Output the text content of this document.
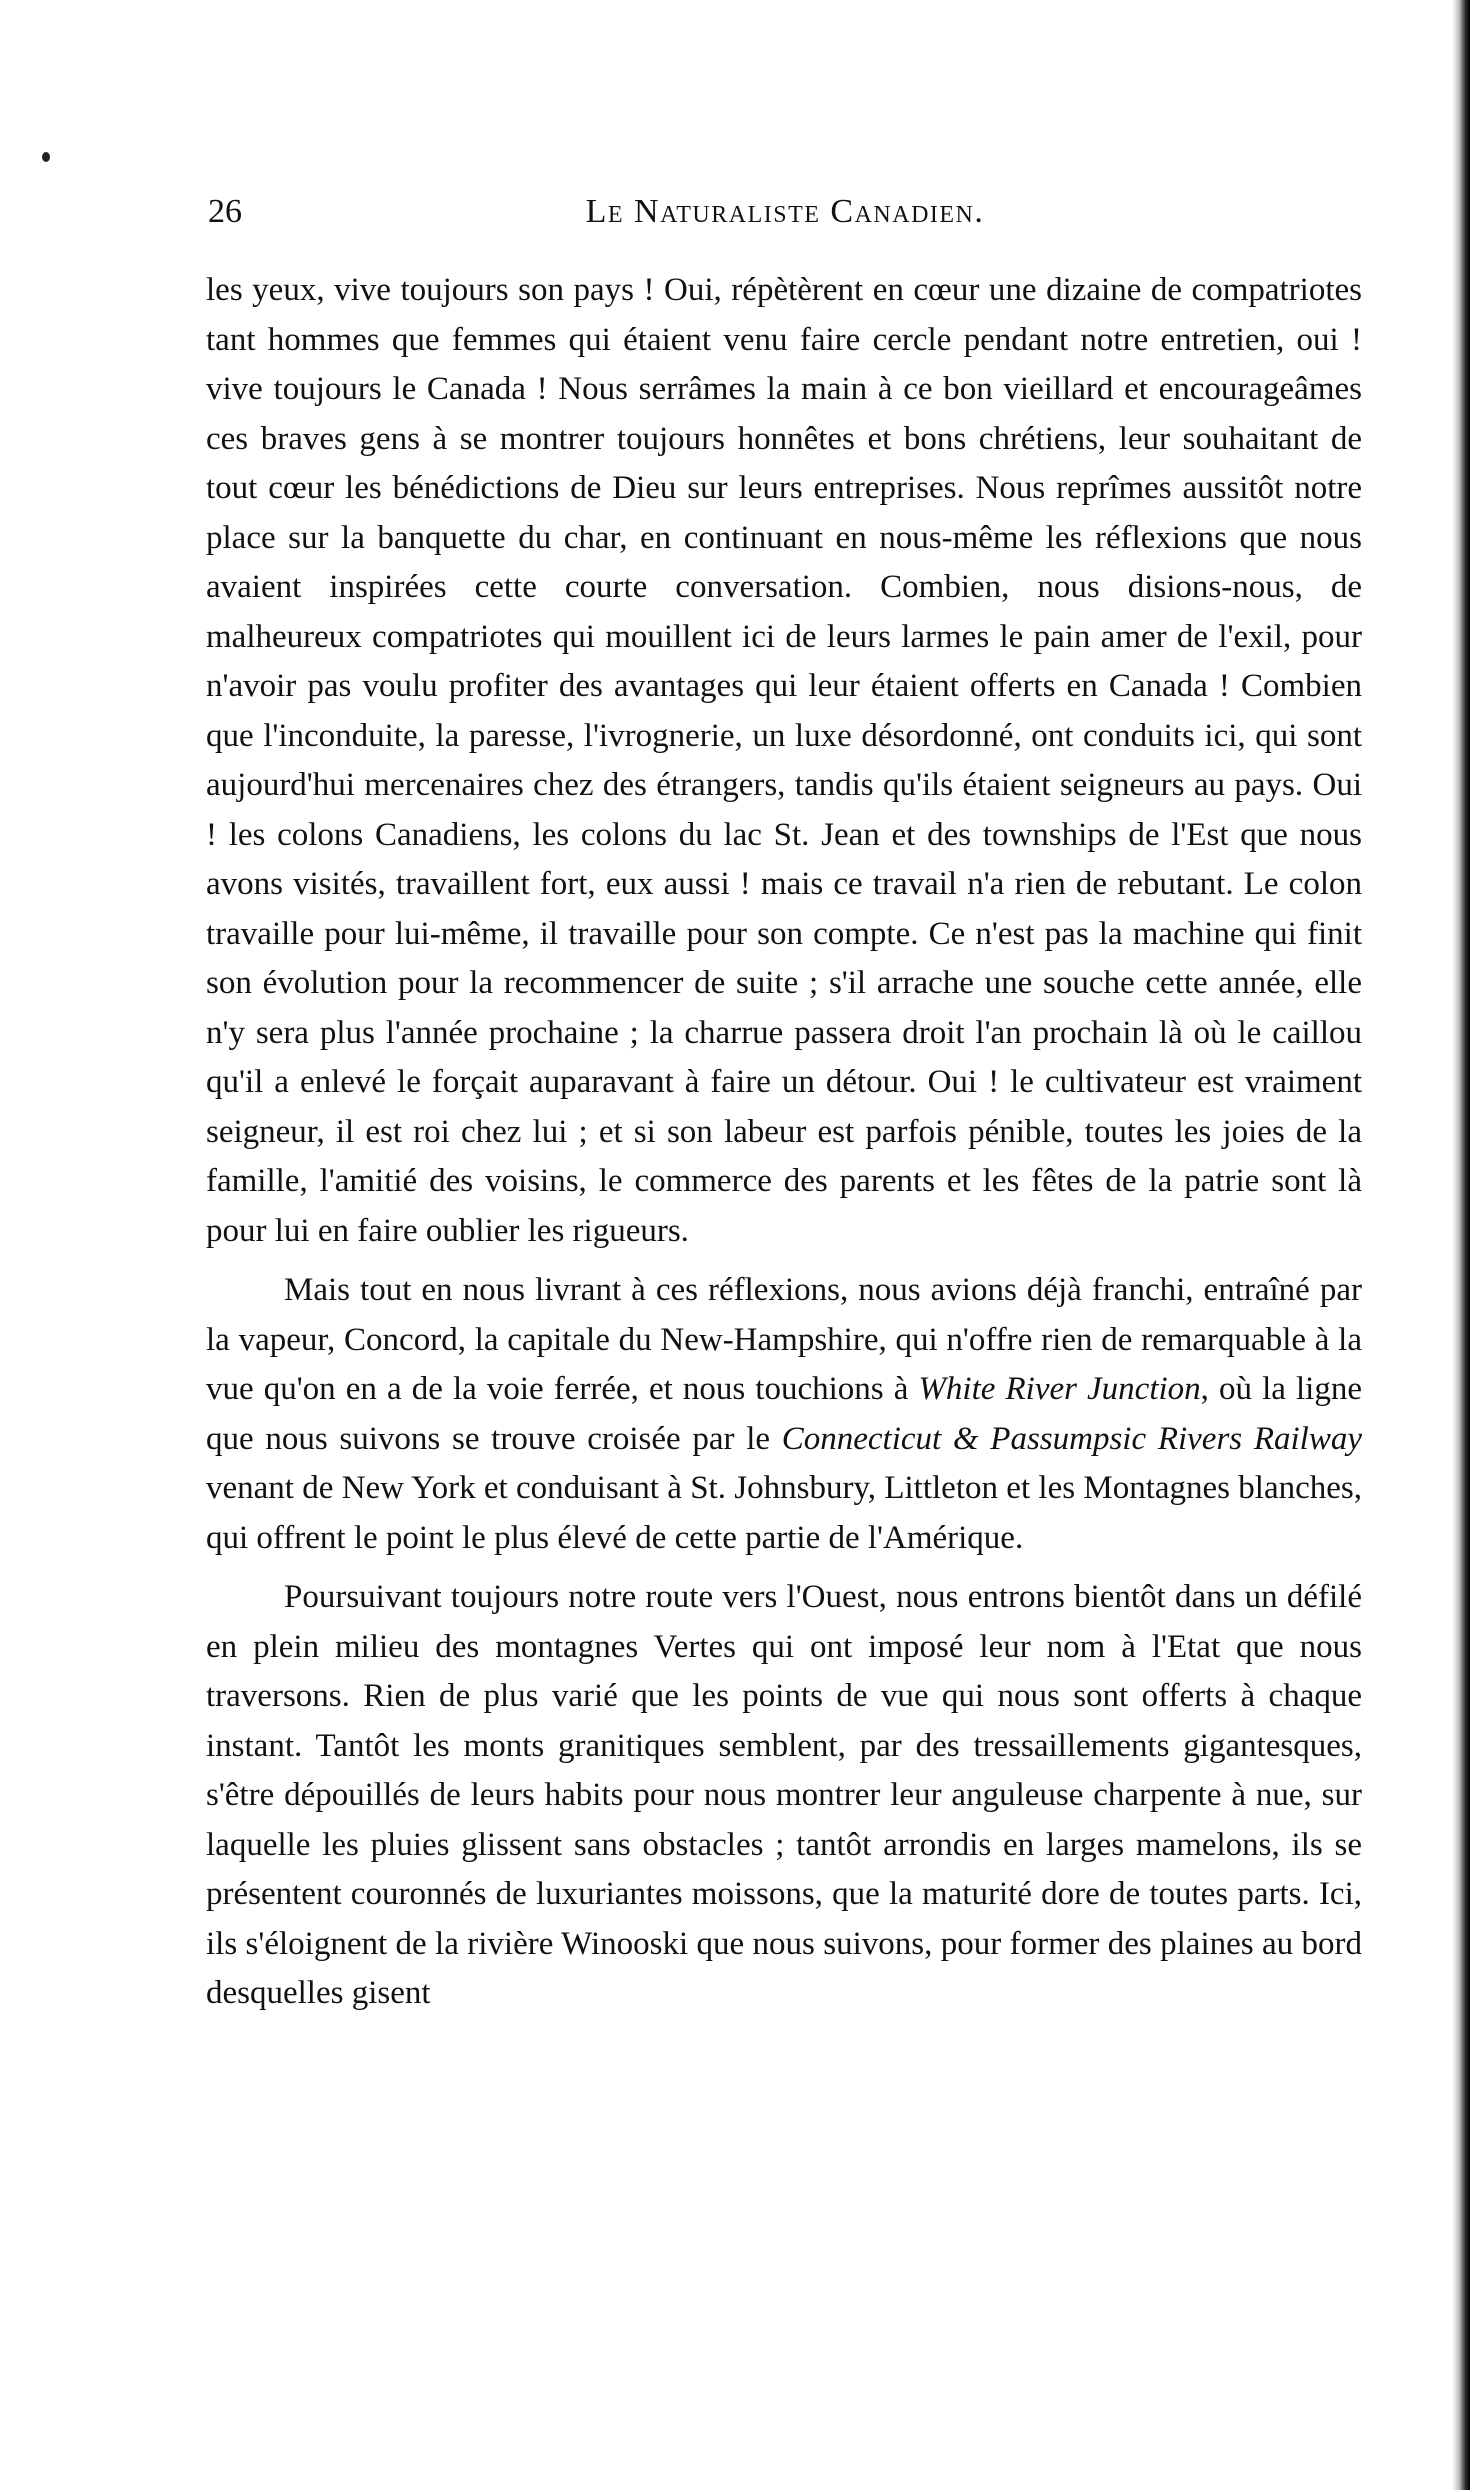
26	Le Naturaliste Canadien.

les yeux, vive toujours son pays ! Oui, répètèrent en cœur une dizaine de compatriotes tant hommes que femmes qui étaient venu faire cercle pendant notre entretien, oui ! vive toujours le Canada ! Nous serrâmes la main à ce bon vieillard et encourageâmes ces braves gens à se montrer toujours honnêtes et bons chrétiens, leur souhaitant de tout cœur les bénédictions de Dieu sur leurs entreprises. Nous reprîmes aussitôt notre place sur la banquette du char, en continuant en nous-même les réflexions que nous avaient inspirées cette courte conversation. Combien, nous disions-nous, de malheureux compatriotes qui mouillent ici de leurs larmes le pain amer de l'exil, pour n'avoir pas voulu profiter des avantages qui leur étaient offerts en Canada ! Combien que l'inconduite, la paresse, l'ivrognerie, un luxe désordonné, ont conduits ici, qui sont aujourd'hui mercenaires chez des étrangers, tandis qu'ils étaient seigneurs au pays. Oui ! les colons Canadiens, les colons du lac St. Jean et des townships de l'Est que nous avons visités, travaillent fort, eux aussi ! mais ce travail n'a rien de rebutant. Le colon travaille pour lui-même, il travaille pour son compte. Ce n'est pas la machine qui finit son évolution pour la recommencer de suite ; s'il arrache une souche cette année, elle n'y sera plus l'année prochaine ; la charrue passera droit l'an prochain là où le caillou qu'il a enlevé le forçait auparavant à faire un détour. Oui ! le cultivateur est vraiment seigneur, il est roi chez lui ; et si son labeur est parfois pénible, toutes les joies de la famille, l'amitié des voisins, le commerce des parents et les fêtes de la patrie sont là pour lui en faire oublier les rigueurs.

Mais tout en nous livrant à ces réflexions, nous avions déjà franchi, entraîné par la vapeur, Concord, la capitale du New-Hampshire, qui n'offre rien de remarquable à la vue qu'on en a de la voie ferrée, et nous touchions à White River Junction, où la ligne que nous suivons se trouve croisée par le Connecticut & Passumpsic Rivers Railway venant de New York et conduisant à St. Johnsbury, Littleton et les Montagnes blanches, qui offrent le point le plus élevé de cette partie de l'Amérique.

Poursuivant toujours notre route vers l'Ouest, nous entrons bientôt dans un défilé en plein milieu des montagnes Vertes qui ont imposé leur nom à l'Etat que nous traversons. Rien de plus varié que les points de vue qui nous sont offerts à chaque instant. Tantôt les monts granitiques semblent, par des tressaillements gigantesques, s'être dépouillés de leurs habits pour nous montrer leur anguleuse charpente à nue, sur laquelle les pluies glissent sans obstacles ; tantôt arrondis en larges mamelons, ils se présentent couronnés de luxuriantes moissons, que la maturité dore de toutes parts. Ici, ils s'éloignent de la rivière Winooski que nous suivons, pour former des plaines au bord desquelles gisent
